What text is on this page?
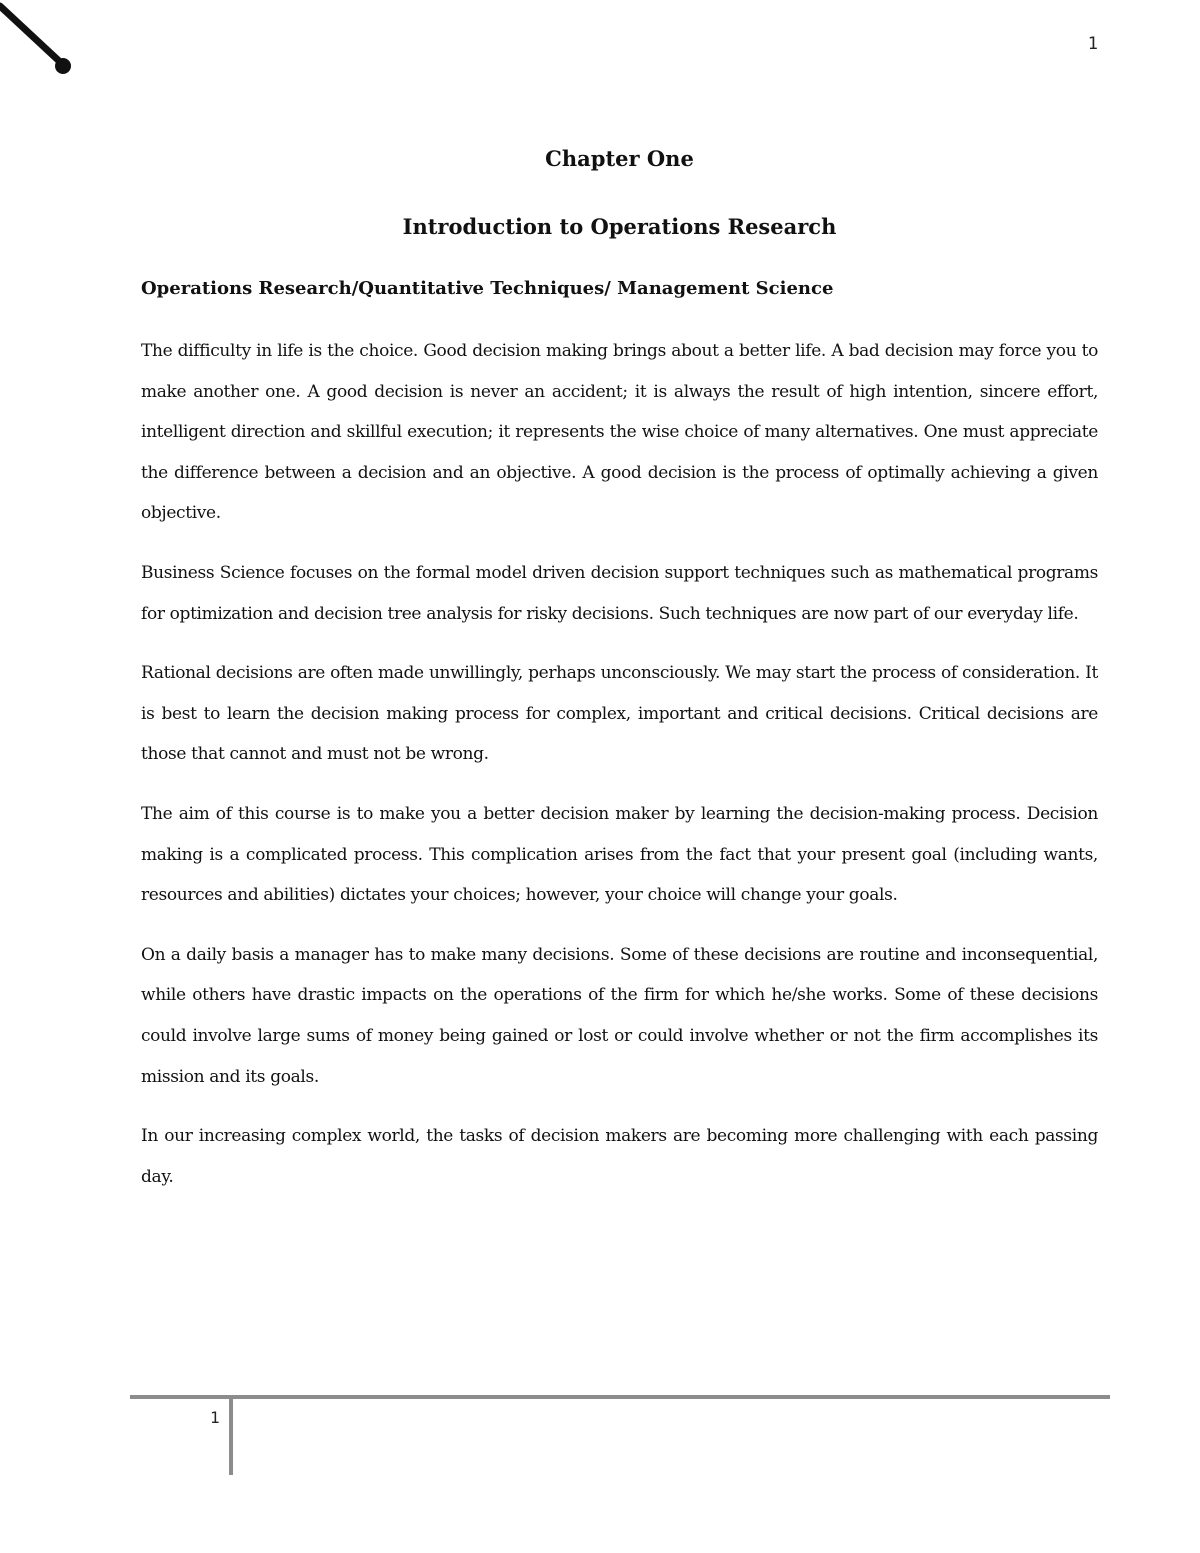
1
Chapter One
Introduction to Operations Research
Operations Research/Quantitative Techniques/ Management Science

The difficulty in life is the choice. Good decision making brings about a better life. A bad decision may force you to make another one. A good decision is never an accident; it is always the result of high intention, sincere effort, intelligent direction and skillful execution; it represents the wise choice of many alternatives. One must appreciate the difference between a decision and an objective. A good decision is the process of optimally achieving a given objective.

Business Science focuses on the formal model driven decision support techniques such as mathematical programs for optimization and decision tree analysis for risky decisions. Such techniques are now part of our everyday life.

Rational decisions are often made unwillingly, perhaps unconsciously. We may start the process of consideration. It is best to learn the decision making process for complex, important and critical decisions. Critical decisions are those that cannot and must not be wrong.

The aim of this course is to make you a better decision maker by learning the decision-making process. Decision making is a complicated process. This complication arises from the fact that your present goal (including wants, resources and abilities) dictates your choices; however, your choice will change your goals.

On a daily basis a manager has to make many decisions. Some of these decisions are routine and inconsequential, while others have drastic impacts on the operations of the firm for which he/she works. Some of these decisions could involve large sums of money being gained or lost or could involve whether or not the firm accomplishes its mission and its goals.

In our increasing complex world, the tasks of decision makers are becoming more challenging with each passing day.

1
